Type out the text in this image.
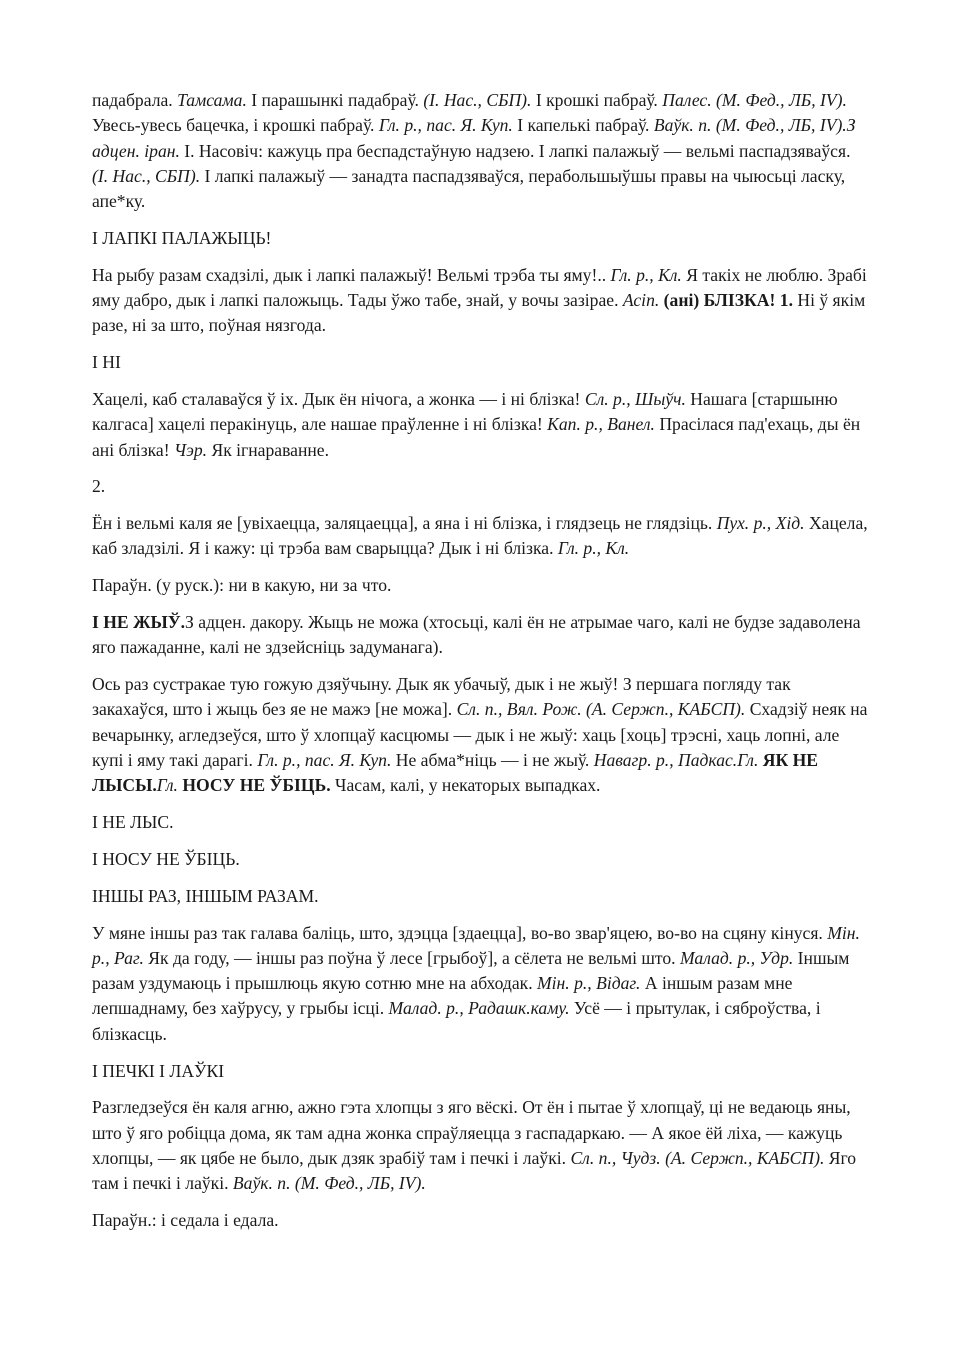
падабрала. Тамсама. І парашынкі падабраў. (І. Нас., СБП). І крошкі пабраў. Палес. (М. Фед., ЛБ, IV). Увесь-увесь бацечка, і крошкі пабраў. Гл. р., пас. Я. Куп. І капелькі пабраў. Ваўк. п. (М. Фед., ЛБ, IV).З адцен. іран. І. Насовіч: кажуць пра беспадстаўную надзею. І лапкі палажыў — вельмі паспадзяваўся. (І. Нас., СБП). І лапкі палажыў — занадта паспадзяваўся, перабольшыўшы правы на чыюсьці ласку, апе*ку.

І ЛАПКІ ПАЛАЖЫЦЬ!

На рыбу разам схадзілі, дык і лапкі палажыў! Вельмі трэба ты яму!.. Гл. р., Кл. Я такіх не люблю. Зрабі яму дабро, дык і лапкі паложыць. Тады ўжо табе, знай, у вочы зазірае. Асіп. (ані) БЛІЗКА! 1. Ні ў якім разе, ні за што, поўная нязгода.

І НІ

Хацелі, каб сталаваўся ў іх. Дык ён нічога, а жонка — і ні блізка! Сл. р., Шыўч. Нашага [старшыню калгаса] хацелі перакінуць, але нашае праўленне і ні блізка! Кап. р., Ванел. Прасілася пад'ехаць, ды ён ані блізка! Чэр. Як ігнараванне.

2.

Ён і вельмі каля яе [увіхаецца, заляцаецца], а яна і ні блізка, і глядзець не глядзіць. Пух. р., Хід. Хацела, каб зладзілі. Я і кажу: ці трэба вам сварыцца? Дык і ні блізка. Гл. р., Кл.

Параўн. (у руск.): ни в какую, ни за что.

І НЕ ЖЫЎ.З адцен. дакору. Жыць не можа (хтосьці, калі ён не атрымае чаго, калі не будзе задаволена яго пажаданне, калі не здзейсніць задуманага).

Ось раз сустракае тую гожую дзяўчыну. Дык як убачыў, дык і не жыў! З першага погляду так закахаўся, што і жыць без яе не мажэ [не можа]. Сл. п., Вял. Рож. (А. Сержп., КАБСП). Схадзіў неяк на вечарынку, агледзеўся, што ў хлопцаў касцюмы — дык і не жыў: хаць [хоць] трэсні, хаць лопні, але купі і яму такі дарагі. Гл. р., пас. Я. Куп. Не абма*ніць — і не жыў. Навагр. р., Падкас.Гл. ЯК НЕ ЛЫСЫ.Гл. НОСУ НЕ ЎБІЦЬ. Часам, калі, у некаторых выпадках.

І НЕ ЛЫС.

І НОСУ НЕ ЎБІЦЬ.

ІНШЫ РАЗ, ІНШЫМ РАЗАМ.

У мяне іншы раз так галава баліць, што, здэцца [здаецца], во-во звар'яцею, во-во на сцяну кінуся. Мін. р., Раг. Як да году, — іншы раз поўна ў лесе [грыбоў], а сёлета не вельмі што. Малад. р., Удр. Іншым разам уздумаюць і прышлюць якую сотню мне на абходак. Мін. р., Відаг. А іншым разам мне лепшаднаму, без хаўрусу, у грыбы ісці. Малад. р., Радашк.каму. Усё — і прытулак, і сяброўства, і блізкасць.

І ПЕЧКІ І ЛАЎКІ

Разгледзеўся ён каля агню, ажно гэта хлопцы з яго вёскі. От ён і пытае ў хлопцаў, ці не ведаюць яны, што ў яго робіцца дома, як там адна жонка спраўляецца з гаспадаркаю. — А якое ёй ліха, — кажуць хлопцы, — як цябе не было, дык дзяк зрабіў там і печкі і лаўкі. Сл. п., Чудз. (А. Сержп., КАБСП). Яго там і печкі і лаўкі. Ваўк. п. (М. Фед., ЛБ, IV).

Параўн.: і седала і едала.
